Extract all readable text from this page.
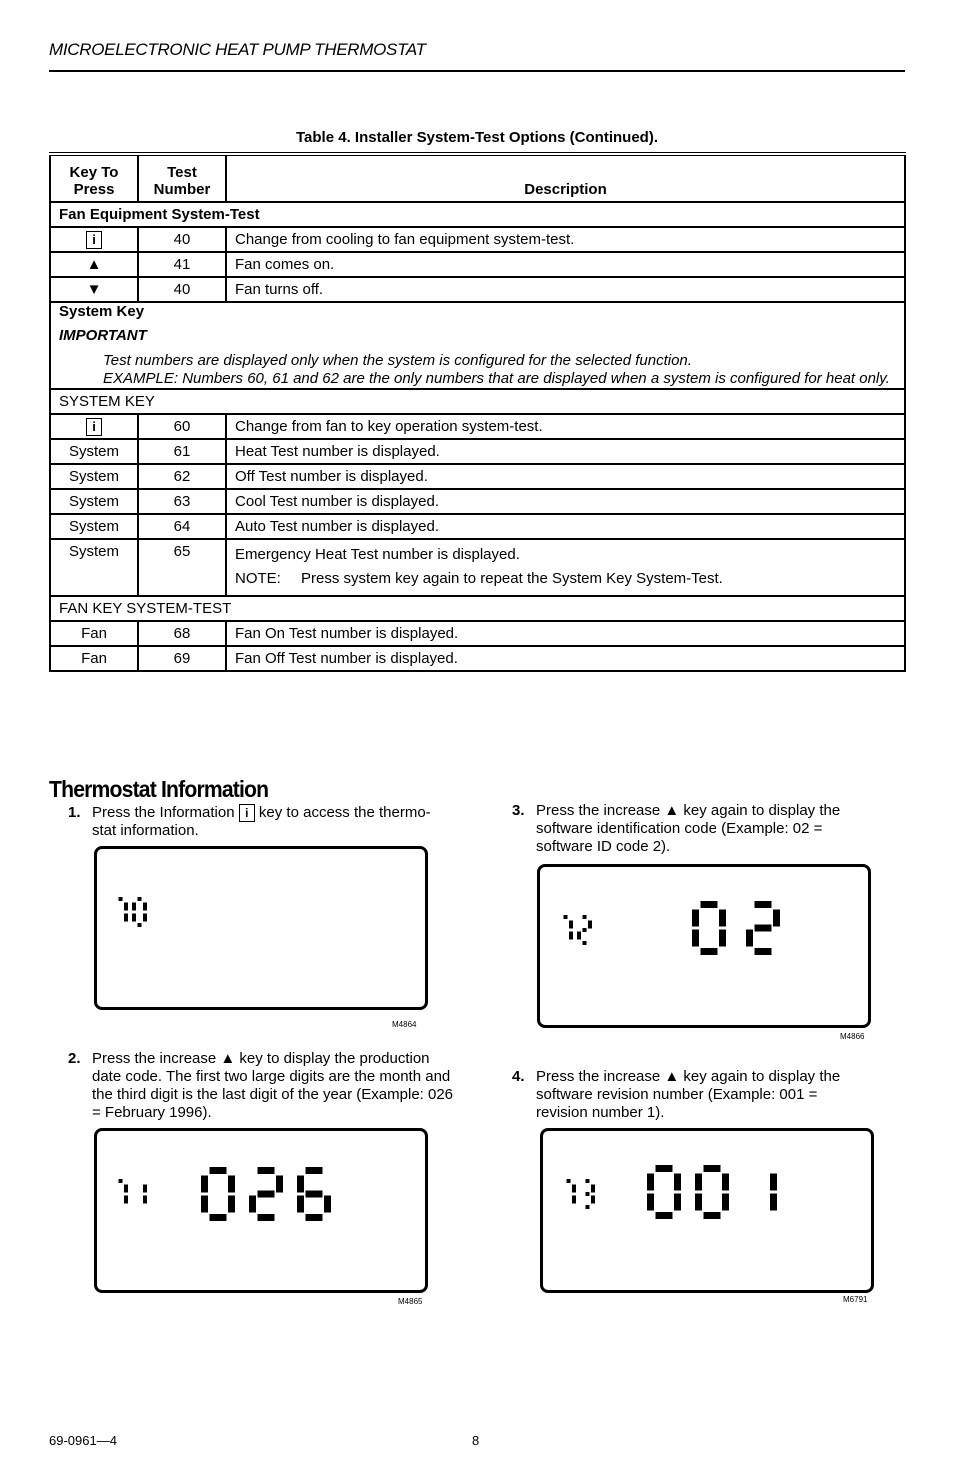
MICROELECTRONIC HEAT PUMP THERMOSTAT
Table 4. Installer System-Test Options (Continued).
Key To Press	Test Number	Description
Fan Equipment System-Test		
i	40	Change from cooling to fan equipment system-test.
▲	41	Fan comes on.
▼	40	Fan turns off.

System Key
IMPORTANT
Test numbers are displayed only when the system is configured for the selected function.
EXAMPLE: Numbers 60, 61 and 62 are the only numbers that are displayed when a system is configured for heat only.		

SYSTEM KEY		
i	60	Change from fan to key operation system-test.
System	61	Heat Test number is displayed.
System	62	Off Test number is displayed.
System	63	Cool Test number is displayed.
System	64	Auto Test number is displayed.
System	65	Emergency Heat Test number is displayed.
NOTE: Press system key again to repeat the System Key System-Test.

FAN KEY SYSTEM-TEST		
Fan	68	Fan On Test number is displayed.
Fan	69	Fan Off Test number is displayed.
Thermostat Information
1. Press the Information i key to access the thermo-
stat information.
M4864
2. Press the increase ▲ key to display the production date code. The first two large digits are the month and the third digit is the last digit of the year (Example: 026 = February 1996).
M4865
3. Press the increase ▲ key again to display the software identification code (Example: 02 = software ID code 2).
M4866
4. Press the increase ▲ key again to display the software revision number (Example: 001 = revision number 1).
M6791
69-0961—4	8
